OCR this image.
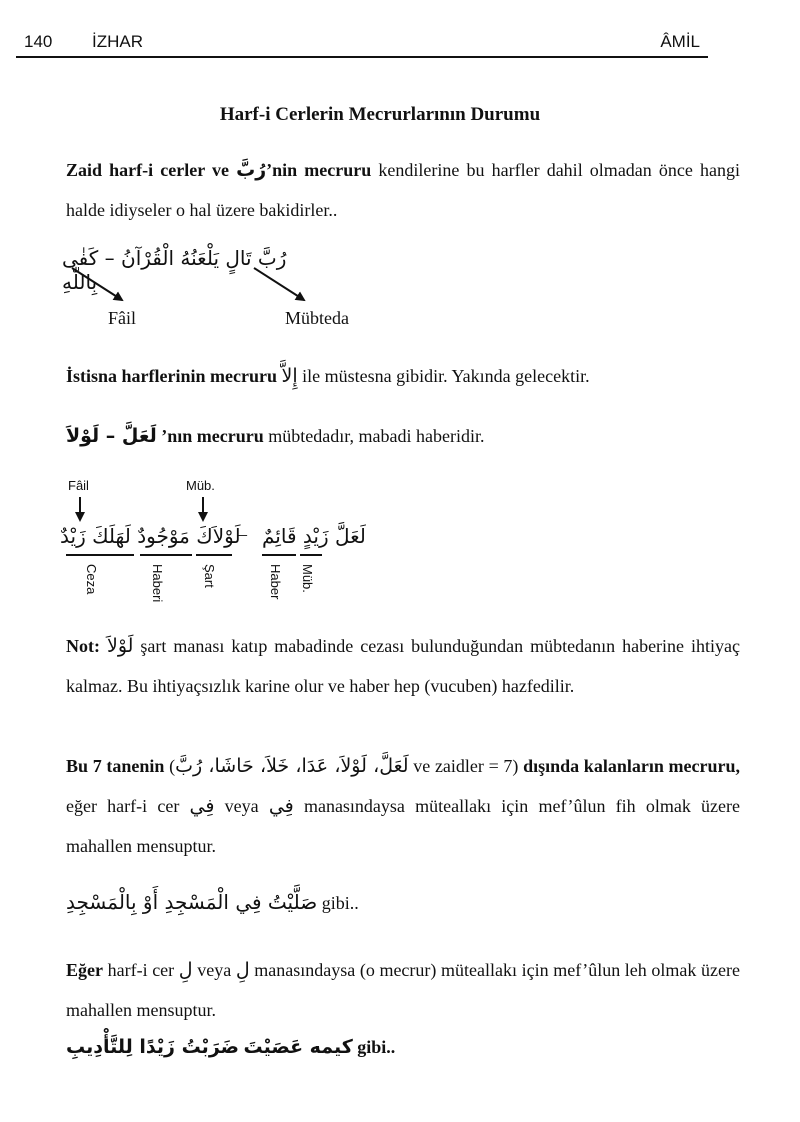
140 İZHAR	ÂMİL
Harf-i Cerlerin Mecrurlarının Durumu
Zaid harf-i cerler ve رُبَّ’nin mecruru kendilerine bu harfler dahil olmadan önce hangi halde idiyseler o hal üzere bakidirler..
رُبَّ تَالٍ يَلْعَنُهُ الْقُرْآنُ – كَفٰى بِاللّٰهِ
Fâil	Mübteda
İstisna harflerinin mecruru إِلاَّ ile müstesna gibidir. Yakında gelecektir.
لَعَلَّ – لَوْلاَ ’nın mecruru mübtedadır, mabadi haberidir.
Fâil	Müb.
لَوْلاَكَ مَوْجُودٌ لَهَلَكَ زَيْدٌ
– لَعَلَّ زَيْدٍ قَائِمٌ
Ceza	Haberi	Şart	Haber Müb.
Not: لَوْلاَ şart manası katıp mabadinde cezası bulunduğundan mübtedanın haberine ihtiyaç kalmaz. Bu ihtiyaçsızlık karine olur ve haber hep (vucuben) hazfedilir.
Bu 7 tanenin (لَعَلَّ، لَوْلاَ، عَدَا، خَلاَ، حَاشَا، رُبَّ ve zaidler = 7) dışında kalanların mecruru, eğer harf-i cer فِي veya فِي manasındaysa müteallakı için mef’ûlun fih olmak üzere mahallen mensuptur.
صَلَّيْتُ فِي الْمَسْجِدِ أَوْ بِالْمَسْجِدِ gibi..
Eğer harf-i cer لِ veya لِ manasındaysa (o mecrur) müteallakı için mef’ûlun leh olmak üzere mahallen mensuptur.
ضَرَبْتُ زَيْدًا لِلتَّأْدِيبِ كيمه عَصَيْتَ gibi..
